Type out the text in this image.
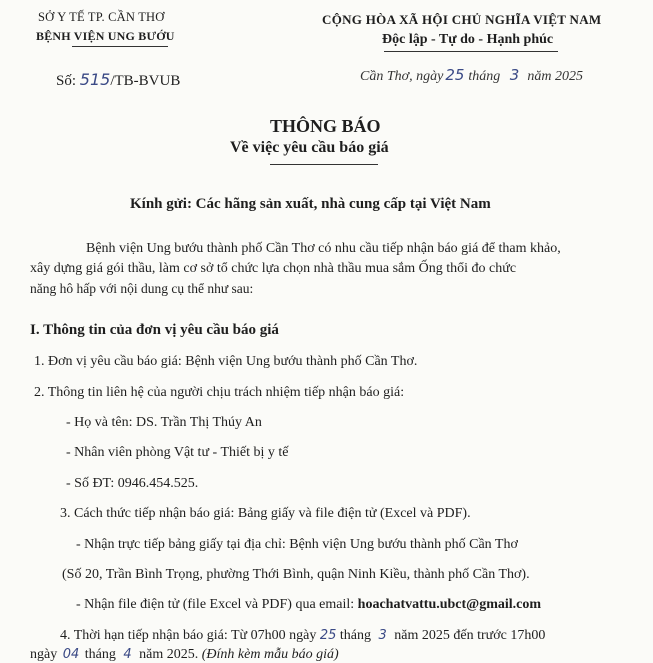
SỞ Y TẾ TP. CẦN THƠ
BỆNH VIỆN UNG BƯỚU
Số: 515/TB-BVUB
CỘNG HÒA XÃ HỘI CHỦ NGHĨA VIỆT NAM
Độc lập - Tự do - Hạnh phúc
Cần Thơ, ngày 25 tháng 3 năm 2025
THÔNG BÁO
Về việc yêu cầu báo giá
Kính gửi: Các hãng sản xuất, nhà cung cấp tại Việt Nam
Bệnh viện Ung bướu thành phố Cần Thơ có nhu cầu tiếp nhận báo giá để tham khảo,
xây dựng giá gói thầu, làm cơ sở tổ chức lựa chọn nhà thầu mua sắm Ống thổi đo chức
năng hô hấp với nội dung cụ thể như sau:
I. Thông tin của đơn vị yêu cầu báo giá
1. Đơn vị yêu cầu báo giá: Bệnh viện Ung bướu thành phố Cần Thơ.
2. Thông tin liên hệ của người chịu trách nhiệm tiếp nhận báo giá:
- Họ và tên: DS. Trần Thị Thúy An
- Nhân viên phòng Vật tư - Thiết bị y tế
- Số ĐT: 0946.454.525.
3. Cách thức tiếp nhận báo giá: Bảng giấy và file điện tử (Excel và PDF).
- Nhận trực tiếp bảng giấy tại địa chỉ: Bệnh viện Ung bướu thành phố Cần Thơ
(Số 20, Trần Bình Trọng, phường Thới Bình, quận Ninh Kiều, thành phố Cần Thơ).
- Nhận file điện tử (file Excel và PDF) qua email: hoachatvattu.ubct@gmail.com
4. Thời hạn tiếp nhận báo giá: Từ 07h00 ngày 25 tháng 3 năm 2025 đến trước 17h00
ngày 04 tháng 4 năm 2025. (Đính kèm mẫu báo giá)
